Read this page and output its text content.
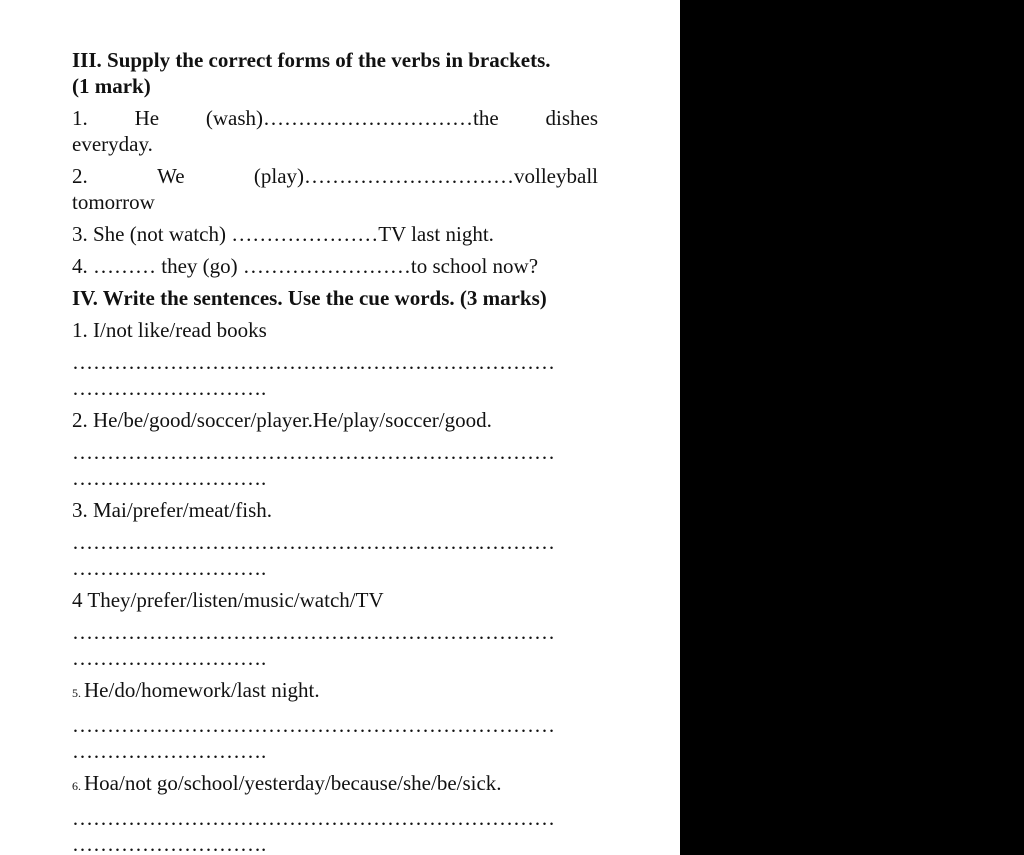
III. Supply the correct forms of the verbs in brackets.
(1 mark)
1. He (wash)…………………………the dishes
everyday.
2.	We	(play)…………………………volleyball
tomorrow
3. She (not watch) …………………TV last night.
4. ……… they (go) ……………………to school now?
IV. Write the sentences. Use the cue words. (3 marks)
1. I/not like/read books
……………………………………………………………
……………………….
2. He/be/good/soccer/player.He/play/soccer/good.
……………………………………………………………
……………………….
3. Mai/prefer/meat/fish.
……………………………………………………………
……………………….
4 They/prefer/listen/music/watch/TV
……………………………………………………………
……………………….
5. He/do/homework/last night.
……………………………………………………………
……………………….
6. Hoa/not go/school/yesterday/because/she/be/sick.
……………………………………………………………
……………………….
